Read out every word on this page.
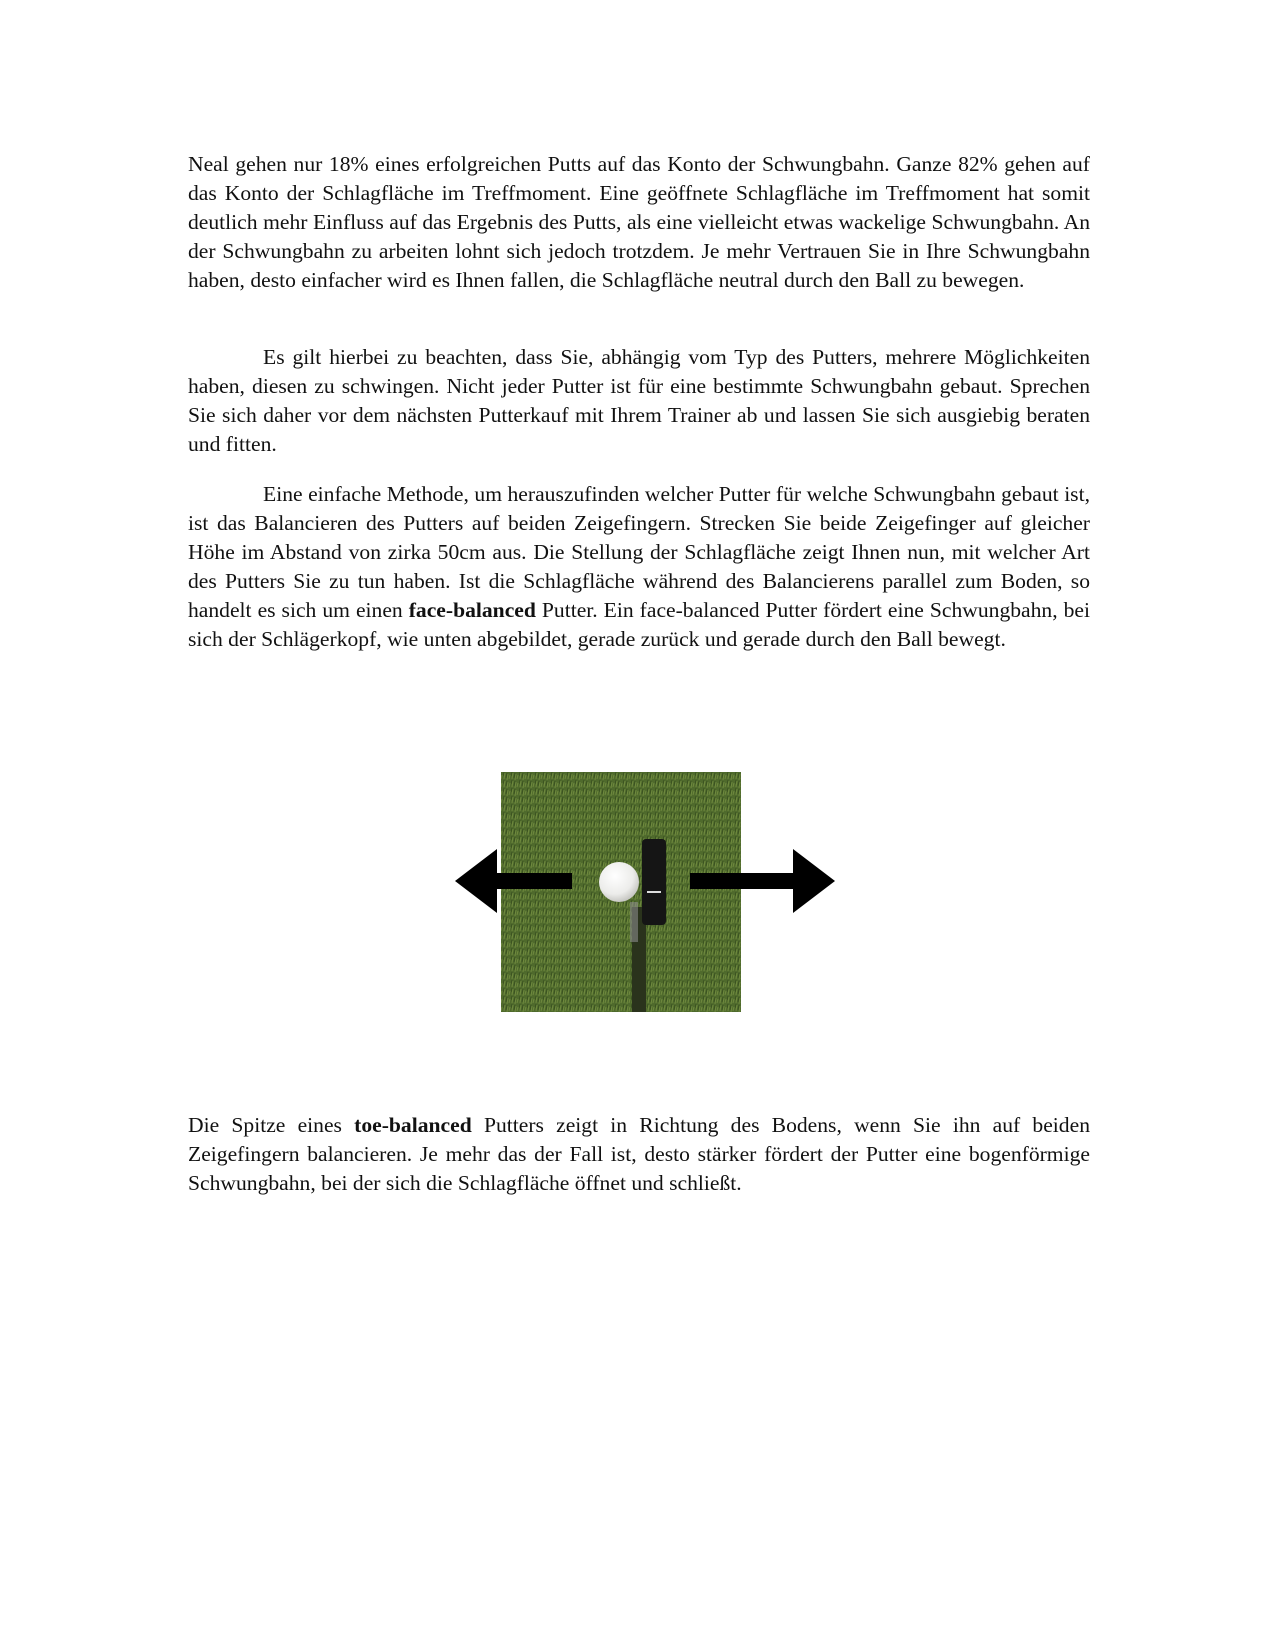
Neal gehen nur 18% eines erfolgreichen Putts auf das Konto der Schwungbahn. Ganze 82% gehen auf das Konto der Schlagfläche im Treffmoment. Eine geöffnete Schlagfläche im Treffmoment hat somit deutlich mehr Einfluss auf das Ergebnis des Putts, als eine vielleicht etwas wackelige Schwungbahn. An der Schwungbahn zu arbeiten lohnt sich jedoch trotzdem. Je mehr Vertrauen Sie in Ihre Schwungbahn haben, desto einfacher wird es Ihnen fallen, die Schlagfläche neutral durch den Ball zu bewegen.

Es gilt hierbei zu beachten, dass Sie, abhängig vom Typ des Putters, mehrere Möglichkeiten haben, diesen zu schwingen. Nicht jeder Putter ist für eine bestimmte Schwungbahn gebaut. Sprechen Sie sich daher vor dem nächsten Putterkauf mit Ihrem Trainer ab und lassen Sie sich ausgiebig beraten und fitten.

Eine einfache Methode, um herauszufinden welcher Putter für welche Schwungbahn gebaut ist, ist das Balancieren des Putters auf beiden Zeigefingern. Strecken Sie beide Zeigefinger auf gleicher Höhe im Abstand von zirka 50cm aus. Die Stellung der Schlagfläche zeigt Ihnen nun, mit welcher Art des Putters Sie zu tun haben. Ist die Schlagfläche während des Balancierens parallel zum Boden, so handelt es sich um einen face-balanced Putter. Ein face-balanced Putter fördert eine Schwungbahn, bei sich der Schlägerkopf, wie unten abgebildet, gerade zurück und gerade durch den Ball bewegt.

Die Spitze eines toe-balanced Putters zeigt in Richtung des Bodens, wenn Sie ihn auf beiden Zeigefingern balancieren. Je mehr das der Fall ist, desto stärker fördert der Putter eine bogenförmige Schwungbahn, bei der sich die Schlagfläche öffnet und schließt.
